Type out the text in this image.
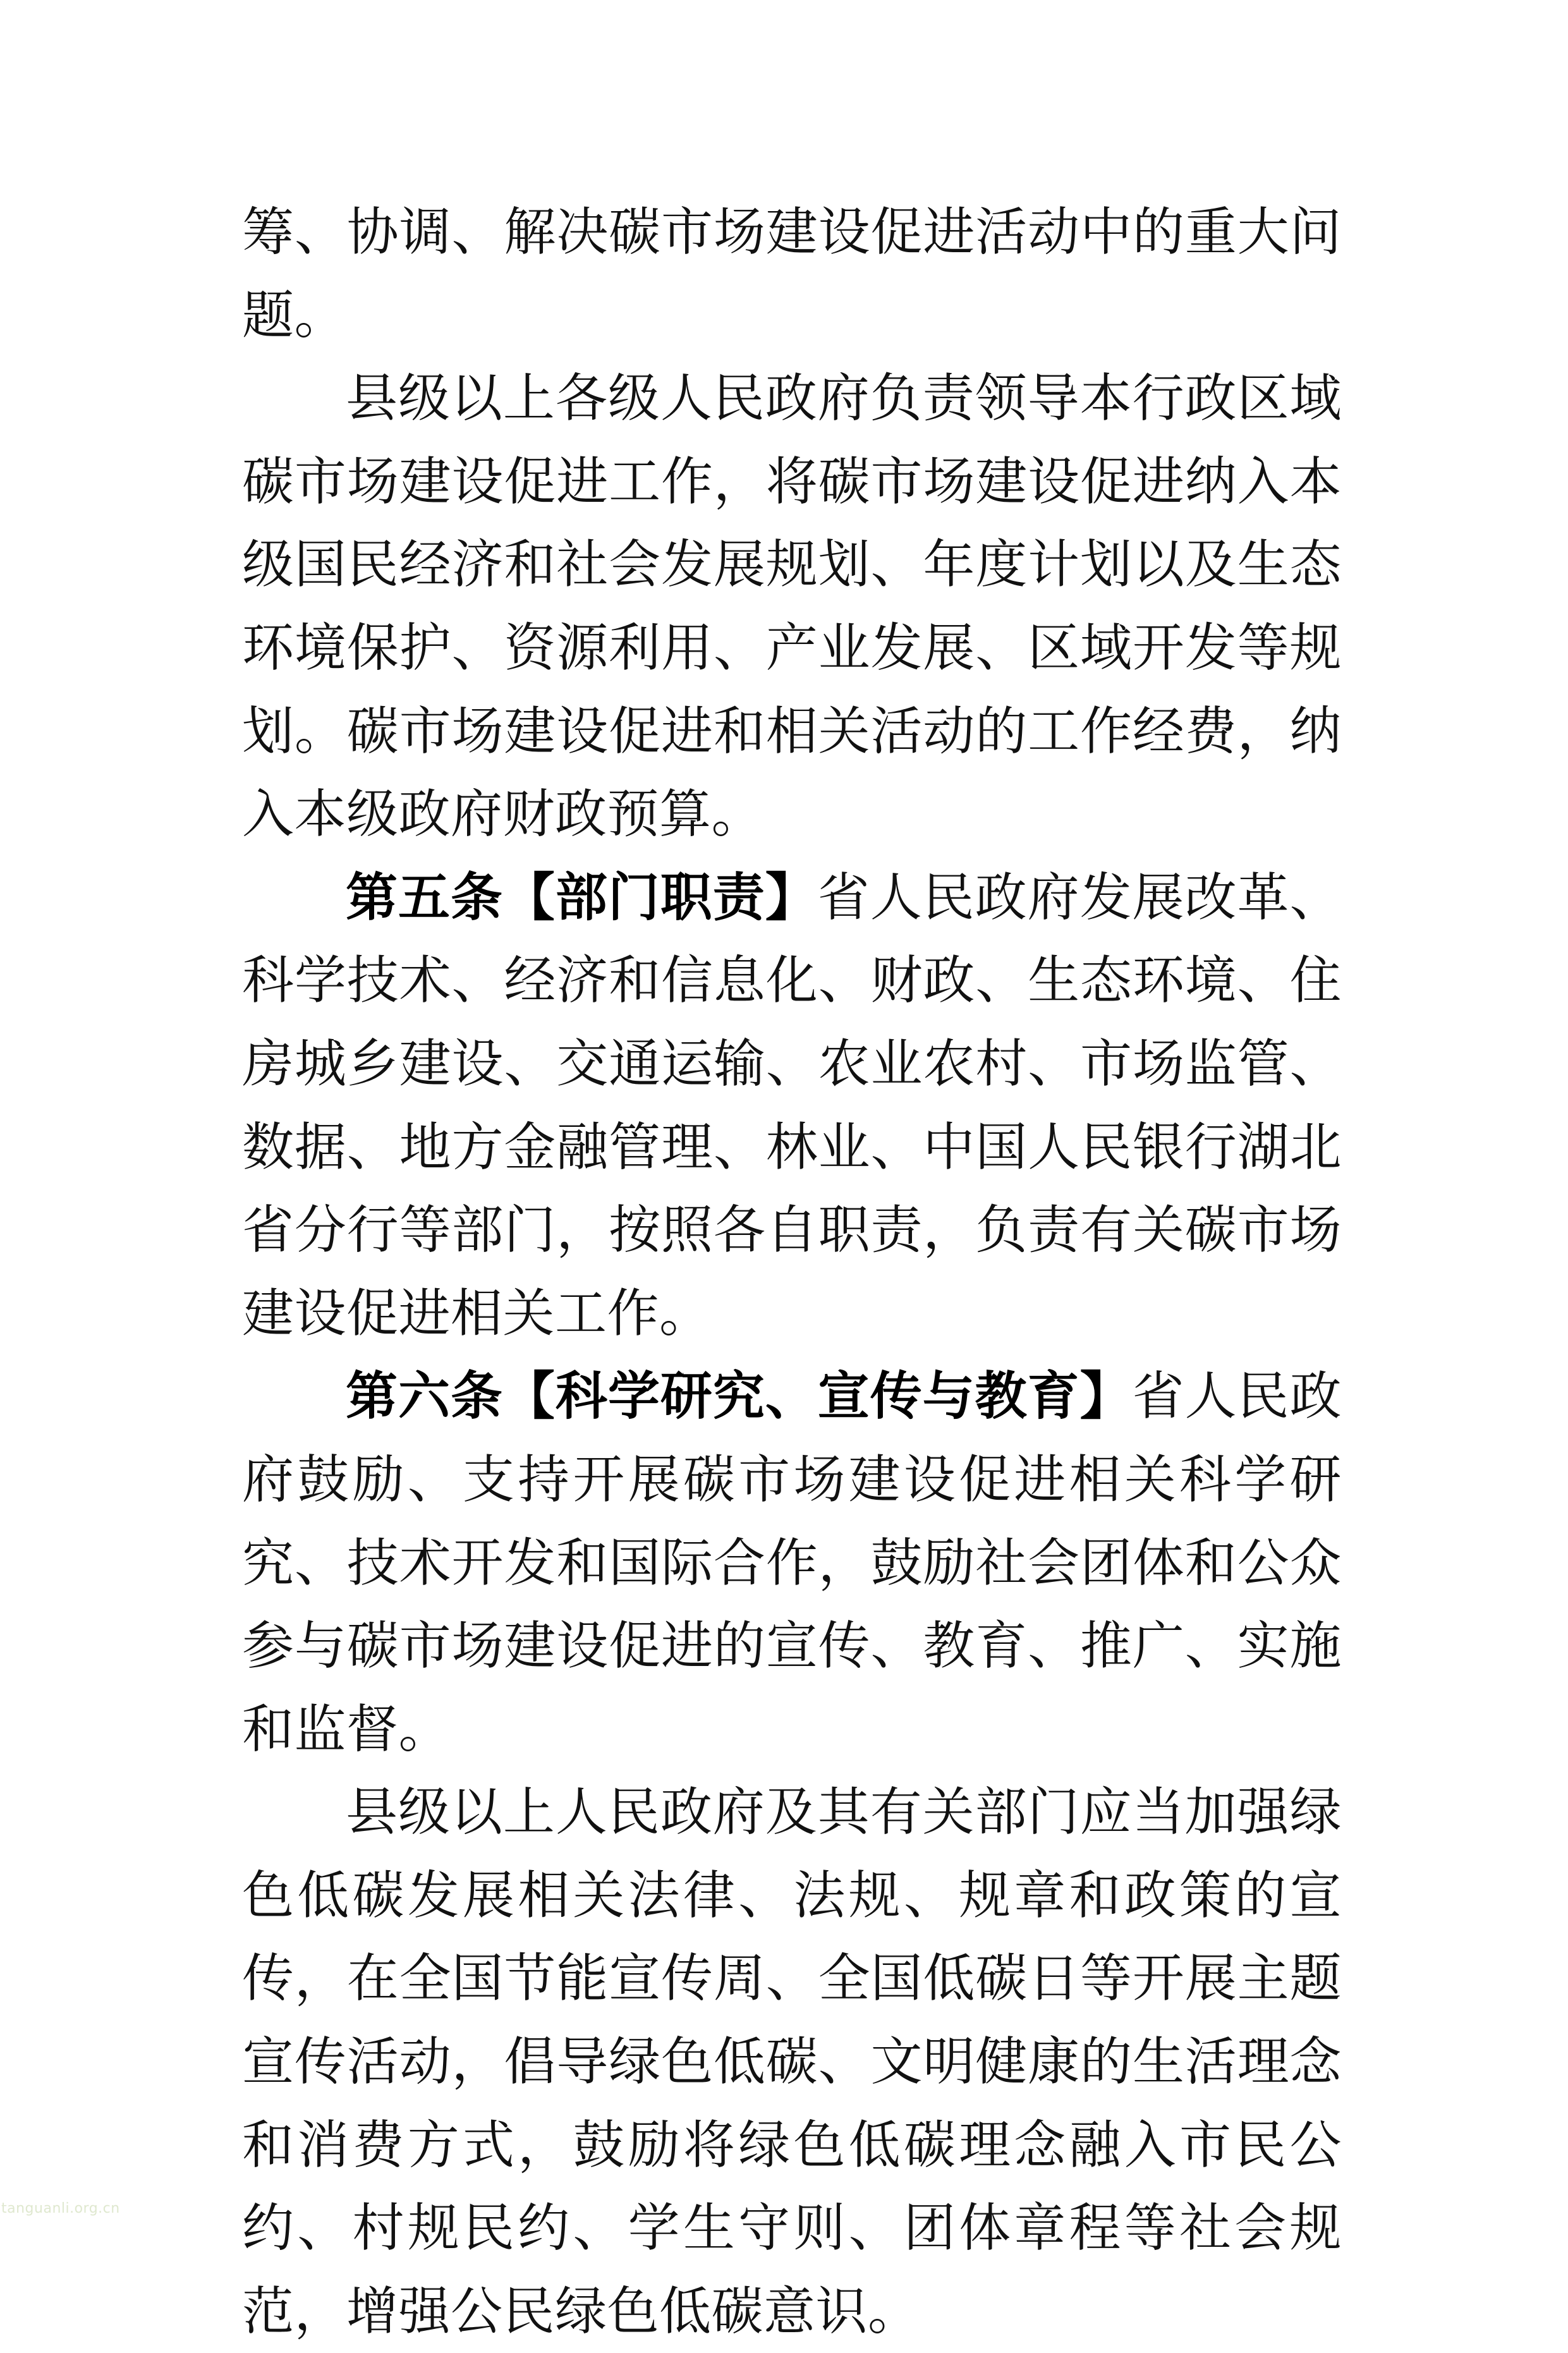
筹、协调、解决碳市场建设促进活动中的重大问题。

县级以上各级人民政府负责领导本行政区域碳市场建设促进工作，将碳市场建设促进纳入本级国民经济和社会发展规划、年度计划以及生态环境保护、资源利用、产业发展、区域开发等规划。碳市场建设促进和相关活动的工作经费，纳入本级政府财政预算。

第五条【部门职责】省人民政府发展改革、科学技术、经济和信息化、财政、生态环境、住房城乡建设、交通运输、农业农村、市场监管、数据、地方金融管理、林业、中国人民银行湖北省分行等部门，按照各自职责，负责有关碳市场建设促进相关工作。

第六条【科学研究、宣传与教育】省人民政府鼓励、支持开展碳市场建设促进相关科学研究、技术开发和国际合作，鼓励社会团体和公众参与碳市场建设促进的宣传、教育、推广、实施和监督。

县级以上人民政府及其有关部门应当加强绿色低碳发展相关法律、法规、规章和政策的宣传，在全国节能宣传周、全国低碳日等开展主题宣传活动，倡导绿色低碳、文明健康的生活理念和消费方式，鼓励将绿色低碳理念融入市民公约、村规民约、学生守则、团体章程等社会规范，增强公民绿色低碳意识。

tanguanli.org.cn
